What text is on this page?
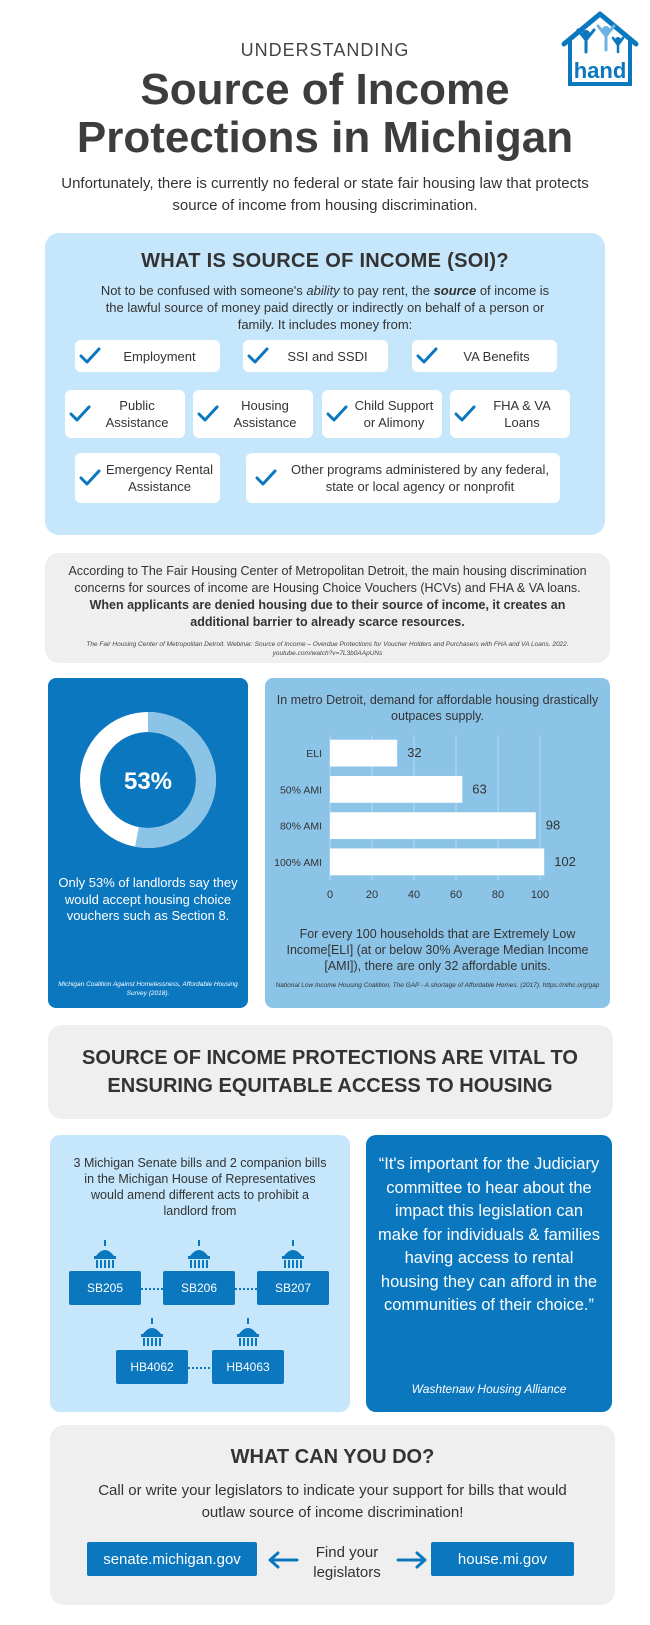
UNDERSTANDING
Source of Income
Protections in Michigan
Unfortunately, there is currently no federal or state fair housing law that protects source of income from housing discrimination.
hand
WHAT IS SOURCE OF INCOME (SOI)?
Not to be confused with someone's ability to pay rent, the source of income is the lawful source of money paid directly or indirectly on behalf of a person or family. It includes money from:
Employment	SSI and SSDI	VA Benefits
Public Assistance
Housing Assistance
Child Support or Alimony
FHA & VA Loans
Emergency Rental Assistance
Other programs administered by any federal, state or local agency or nonprofit
According to The Fair Housing Center of Metropolitan Detroit, the main housing discrimination concerns for sources of income are Housing Choice Vouchers (HCVs) and FHA & VA loans. When applicants are denied housing due to their source of income, it creates an additional barrier to already scarce resources.
The Fair Housing Center of Metropolitan Detroit. Webinar: Source of Income – Overdue Protections for Voucher Holders and Purchasers with FHA and VA Loans. 2022. youtube.com/watch?v=7L3b0AApUNs
53%
Only 53% of landlords say they would accept housing choice vouchers such as Section 8.
Michigan Coalition Against Homelessness, Affordable Housing Survey (2018).
In metro Detroit, demand for affordable housing drastically outpaces supply.
0	20	40	60	80 100
ELI	32
50% AMI	63
80% AMI	98
100% AMI	102
For every 100 households that are Extremely Low Income[ELI] (at or below 30% Average Median Income [AMI]), there are only 32 affordable units.
National Low Income Housing Coalition, The GAP - A shortage of Affordable Homes. (2017). https://nlihc.org/gap
SOURCE OF INCOME PROTECTIONS ARE VITAL TO
ENSURING EQUITABLE ACCESS TO HOUSING
3 Michigan Senate bills and 2 companion bills in the Michigan House of Representatives would amend different acts to prohibit a landlord from
SB205	SB206	SB207
HB4062	HB4063
“It's important for the Judiciary committee to hear about the impact this legislation can make for individuals & families having access to rental housing they can afford in the communities of their choice.”
Washtenaw Housing Alliance
WHAT CAN YOU DO?
Call or write your legislators to indicate your support for bills that would outlaw source of income discrimination!
senate.michigan.gov	Find your legislators
house.mi.gov
